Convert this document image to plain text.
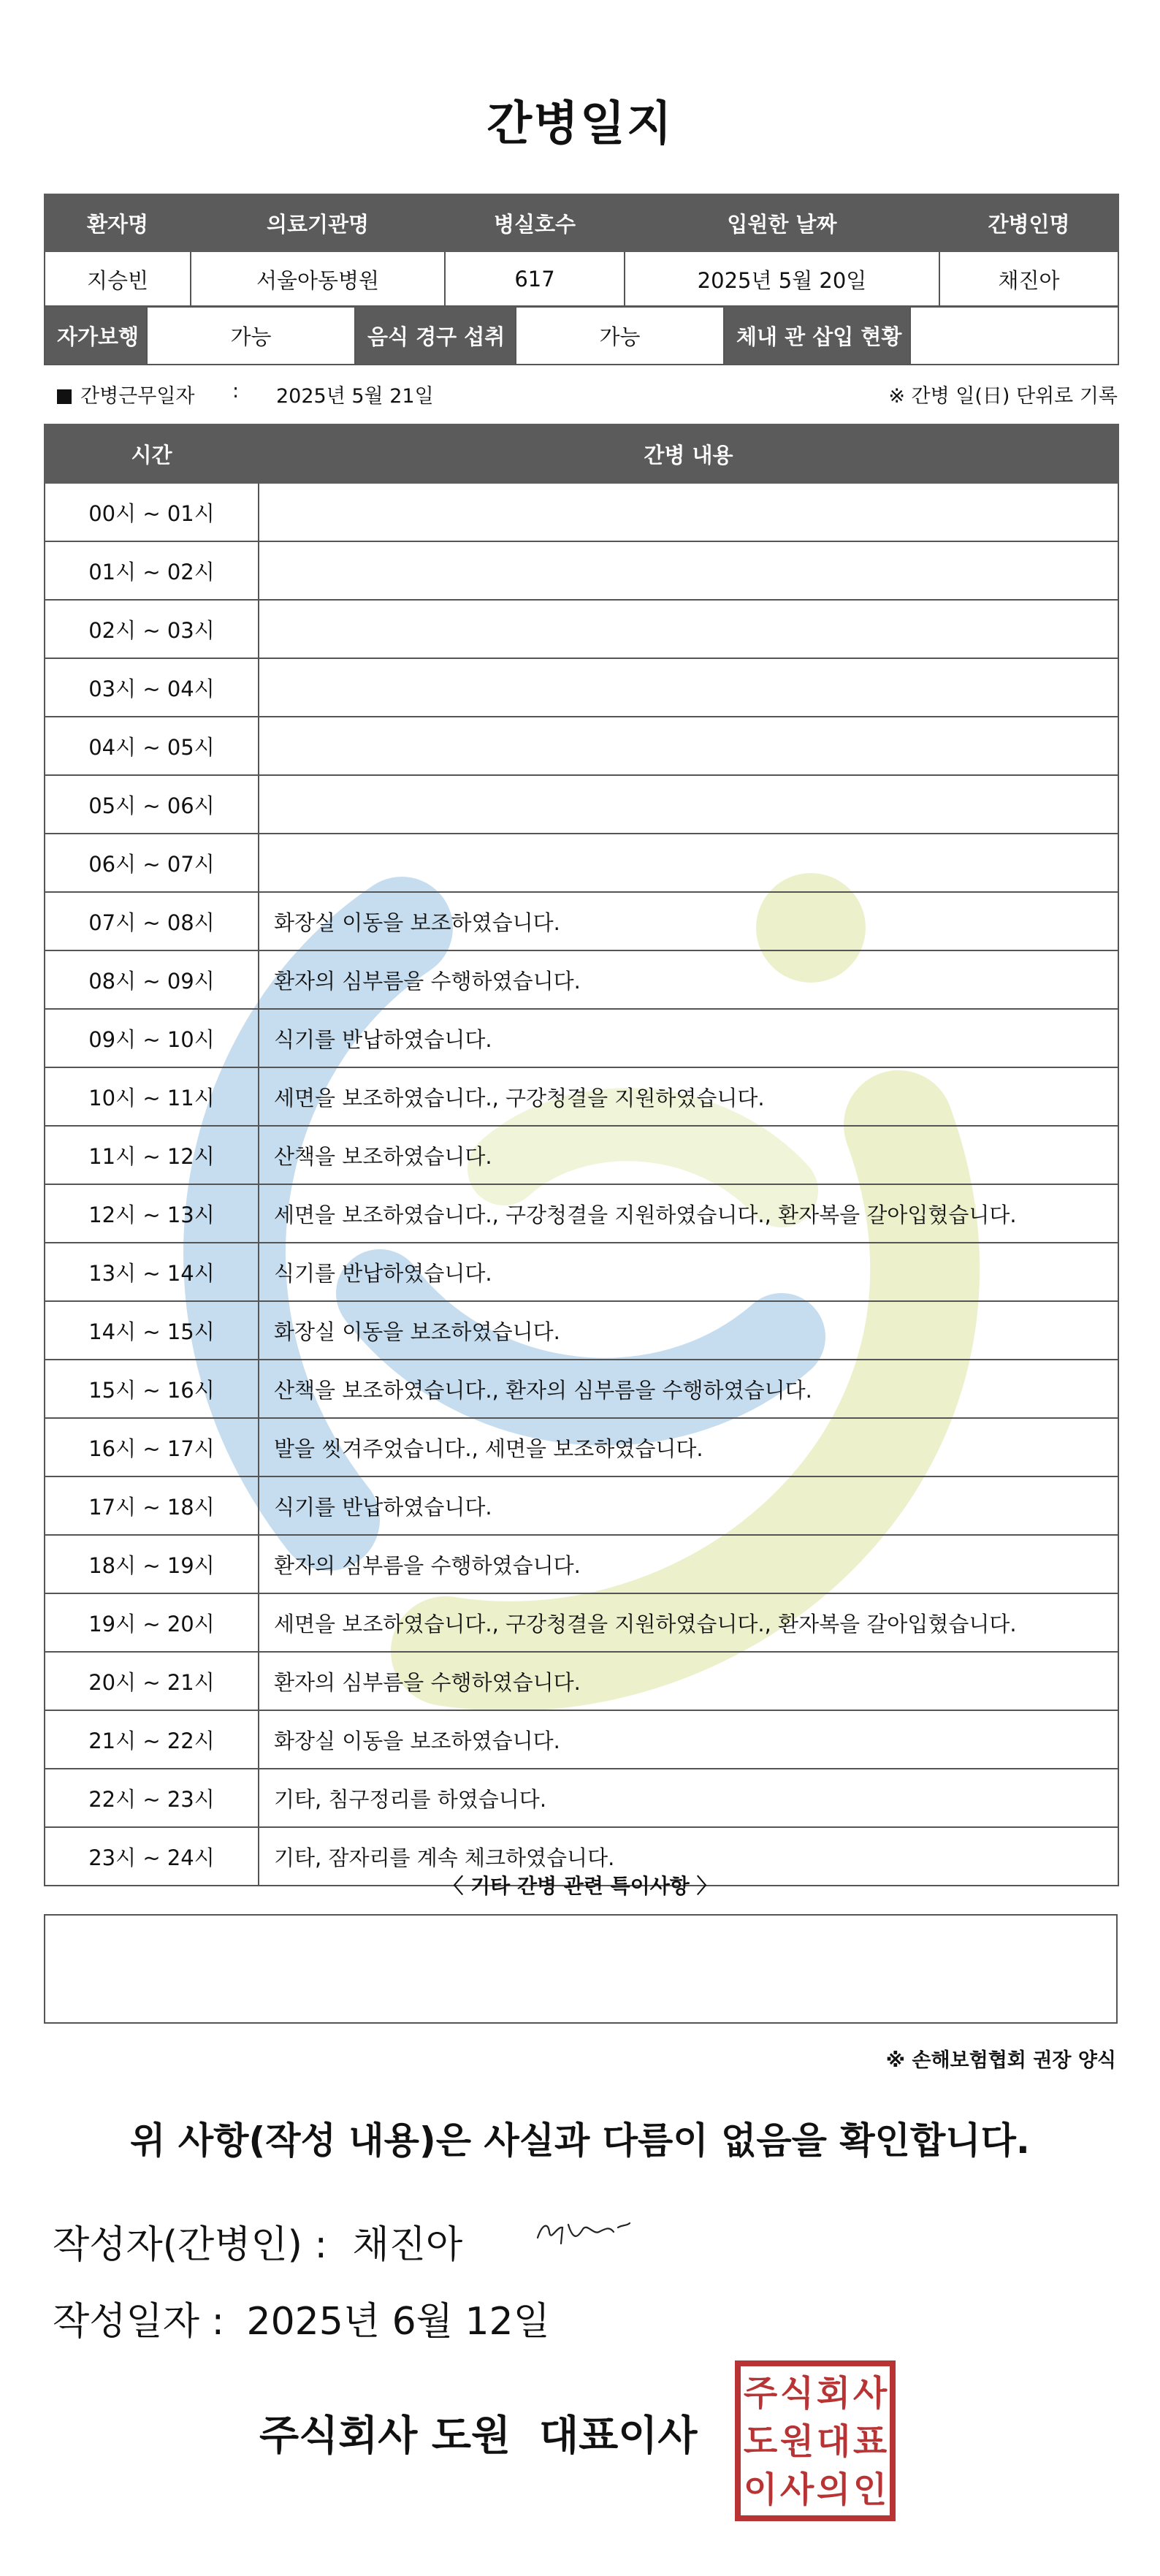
간병일지
환자명	의료기관명	병실호수	입원한 날짜	간병인명
지승빈	서울아동병원	617	2025년 5월 20일	채진아
자가보행	가능	음식 경구 섭취	가능	체내 관 삽입 현황	
간병근무일자 : 2025년 5월 21일	※ 간병 일(日) 단위로 기록
시간	간병 내용
00시 ~ 01시	
01시 ~ 02시	
02시 ~ 03시	
03시 ~ 04시	
04시 ~ 05시	
05시 ~ 06시	
06시 ~ 07시	
07시 ~ 08시	화장실 이동을 보조하였습니다.
08시 ~ 09시	환자의 심부름을 수행하였습니다.
09시 ~ 10시	식기를 반납하였습니다.
10시 ~ 11시	세면을 보조하였습니다., 구강청결을 지원하였습니다.
11시 ~ 12시	산책을 보조하였습니다.
12시 ~ 13시	세면을 보조하였습니다., 구강청결을 지원하였습니다., 환자복을 갈아입혔습니다.
13시 ~ 14시	식기를 반납하였습니다.
14시 ~ 15시	화장실 이동을 보조하였습니다.
15시 ~ 16시	산책을 보조하였습니다., 환자의 심부름을 수행하였습니다.
16시 ~ 17시	발을 씻겨주었습니다., 세면을 보조하였습니다.
17시 ~ 18시	식기를 반납하였습니다.
18시 ~ 19시	환자의 심부름을 수행하였습니다.
19시 ~ 20시	세면을 보조하였습니다., 구강청결을 지원하였습니다., 환자복을 갈아입혔습니다.
20시 ~ 21시	환자의 심부름을 수행하였습니다.
21시 ~ 22시	화장실 이동을 보조하였습니다.
22시 ~ 23시	기타, 침구정리를 하였습니다.
23시 ~ 24시	기타, 잠자리를 계속 체크하였습니다.
〈 기타 간병 관련 특이사항 〉
※ 손해보험협회 권장 양식
위 사항(작성 내용)은 사실과 다름이 없음을 확인합니다.
작성자(간병인) : 채진아
작성일자 : 2025년 6월 12일
주식회사 도원  대표이사
주 식 회 사
도 원 대 표
이 사 의 인
